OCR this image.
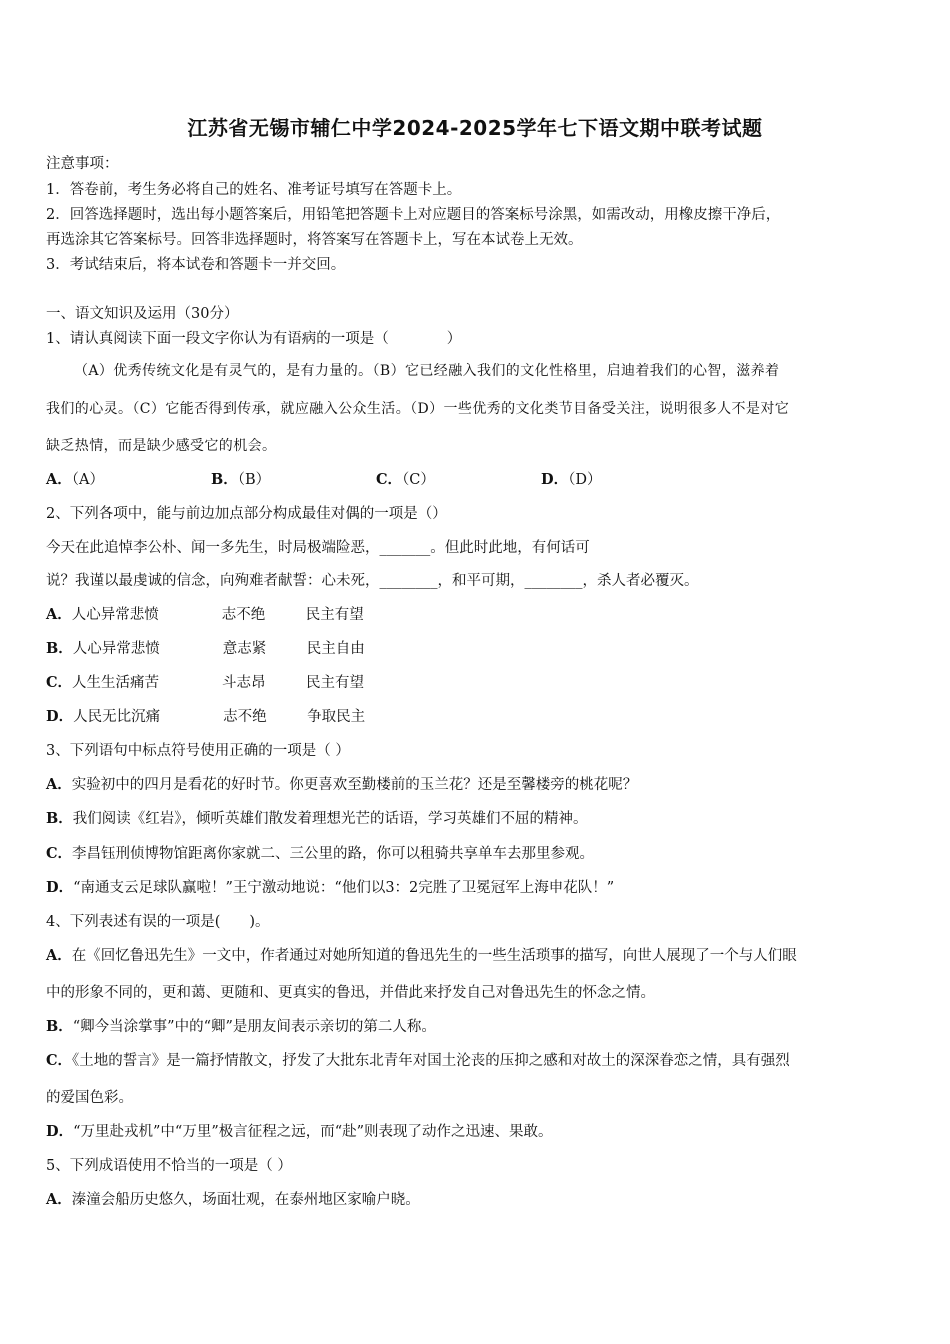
江苏省无锡市辅仁中学2024-2025学年七下语文期中联考试题
注意事项：
1．答卷前，考生务必将自己的姓名、准考证号填写在答题卡上。
2．回答选择题时，选出每小题答案后，用铅笔把答题卡上对应题目的答案标号涂黑，如需改动，用橡皮擦干净后，
再选涂其它答案标号。回答非选择题时，将答案写在答题卡上，写在本试卷上无效。
3．考试结束后，将本试卷和答题卡一并交回。
一、语文知识及运用（30分）
1、请认真阅读下面一段文字你认为有语病的一项是（　　　　）
（A）优秀传统文化是有灵气的，是有力量的。（B）它已经融入我们的文化性格里，启迪着我们的心智，滋养着
我们的心灵。（C）它能否得到传承，就应融入公众生活。（D）一些优秀的文化类节目备受关注，说明很多人不是对它
缺乏热情，而是缺少感受它的机会。
A．（A）	B．（B）	C．（C）	D．（D）
2、下列各项中，能与前边加点部分构成最佳对偶的一项是（）
今天在此追悼李公朴、闻一多先生，时局极端险恶，_______。但此时此地，有何话可
说？我谨以最虔诚的信念，向殉难者献誓：心未死，________，和平可期，________，杀人者必覆灭。
A．人心异常悲愤	志不绝	民主有望
B．人心异常悲愤	意志紧	民主自由
C．人生生活痛苦	斗志昂	民主有望
D．人民无比沉痛	志不绝	争取民主
3、下列语句中标点符号使用正确的一项是（ ）
A．实验初中的四月是看花的好时节。你更喜欢至勤楼前的玉兰花？还是至馨楼旁的桃花呢？
B．我们阅读《红岩》，倾听英雄们散发着理想光芒的话语，学习英雄们不屈的精神。
C．李昌钰刑侦博物馆距离你家就二、三公里的路，你可以租骑共享单车去那里参观。
D．“南通支云足球队赢啦！”王宁激动地说：“他们以3：2完胜了卫冕冠军上海申花队！”
4、下列表述有误的一项是(　　)。
A．在《回忆鲁迅先生》一文中，作者通过对她所知道的鲁迅先生的一些生活琐事的描写，向世人展现了一个与人们眼
中的形象不同的，更和蔼、更随和、更真实的鲁迅，并借此来抒发自己对鲁迅先生的怀念之情。
B．“卿今当涂掌事”中的“卿”是朋友间表示亲切的第二人称。
C．《土地的誓言》是一篇抒情散文，抒发了大批东北青年对国土沦丧的压抑之感和对故土的深深眷恋之情，具有强烈
的爱国色彩。
D．“万里赴戎机”中“万里”极言征程之远，而“赴”则表现了动作之迅速、果敢。
5、下列成语使用不恰当的一项是（ ）
A．溱潼会船历史悠久，场面壮观，在泰州地区家喻户晓。
